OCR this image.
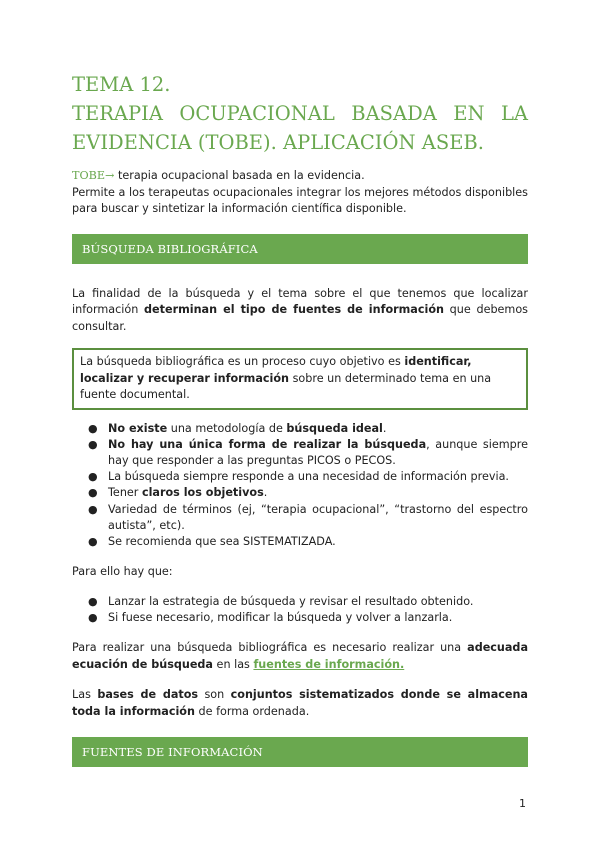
TEMA 12.
TERAPIA OCUPACIONAL BASADA EN LA
EVIDENCIA (TOBE). APLICACIÓN ASEB.

TOBE→ terapia ocupacional basada en la evidencia.

Permite a los terapeutas ocupacionales integrar los mejores métodos disponibles para buscar y sintetizar la información científica disponible.

BÚSQUEDA BIBLIOGRÁFICA

La finalidad de la búsqueda y el tema sobre el que tenemos que localizar información determinan el tipo de fuentes de información que debemos consultar.

La búsqueda bibliográfica es un proceso cuyo objetivo es identificar, localizar y recuperar información sobre un determinado tema en una fuente documental.
● No existe una metodología de búsqueda ideal.
● No hay una única forma de realizar la búsqueda, aunque siempre hay que responder a las preguntas PICOS o PECOS.
● La búsqueda siempre responde a una necesidad de información previa.
● Tener claros los objetivos.
● Variedad de términos (ej, “terapia ocupacional”, “trastorno del espectro autista”, etc).
● Se recomienda que sea SISTEMATIZADA.

Para ello hay que:

● Lanzar la estrategia de búsqueda y revisar el resultado obtenido.
● Si fuese necesario, modificar la búsqueda y volver a lanzarla.

Para realizar una búsqueda bibliográfica es necesario realizar una adecuada ecuación de búsqueda en las fuentes de información.

Las bases de datos son conjuntos sistematizados donde se almacena toda la información de forma ordenada.

FUENTES DE INFORMACIÓN
1
